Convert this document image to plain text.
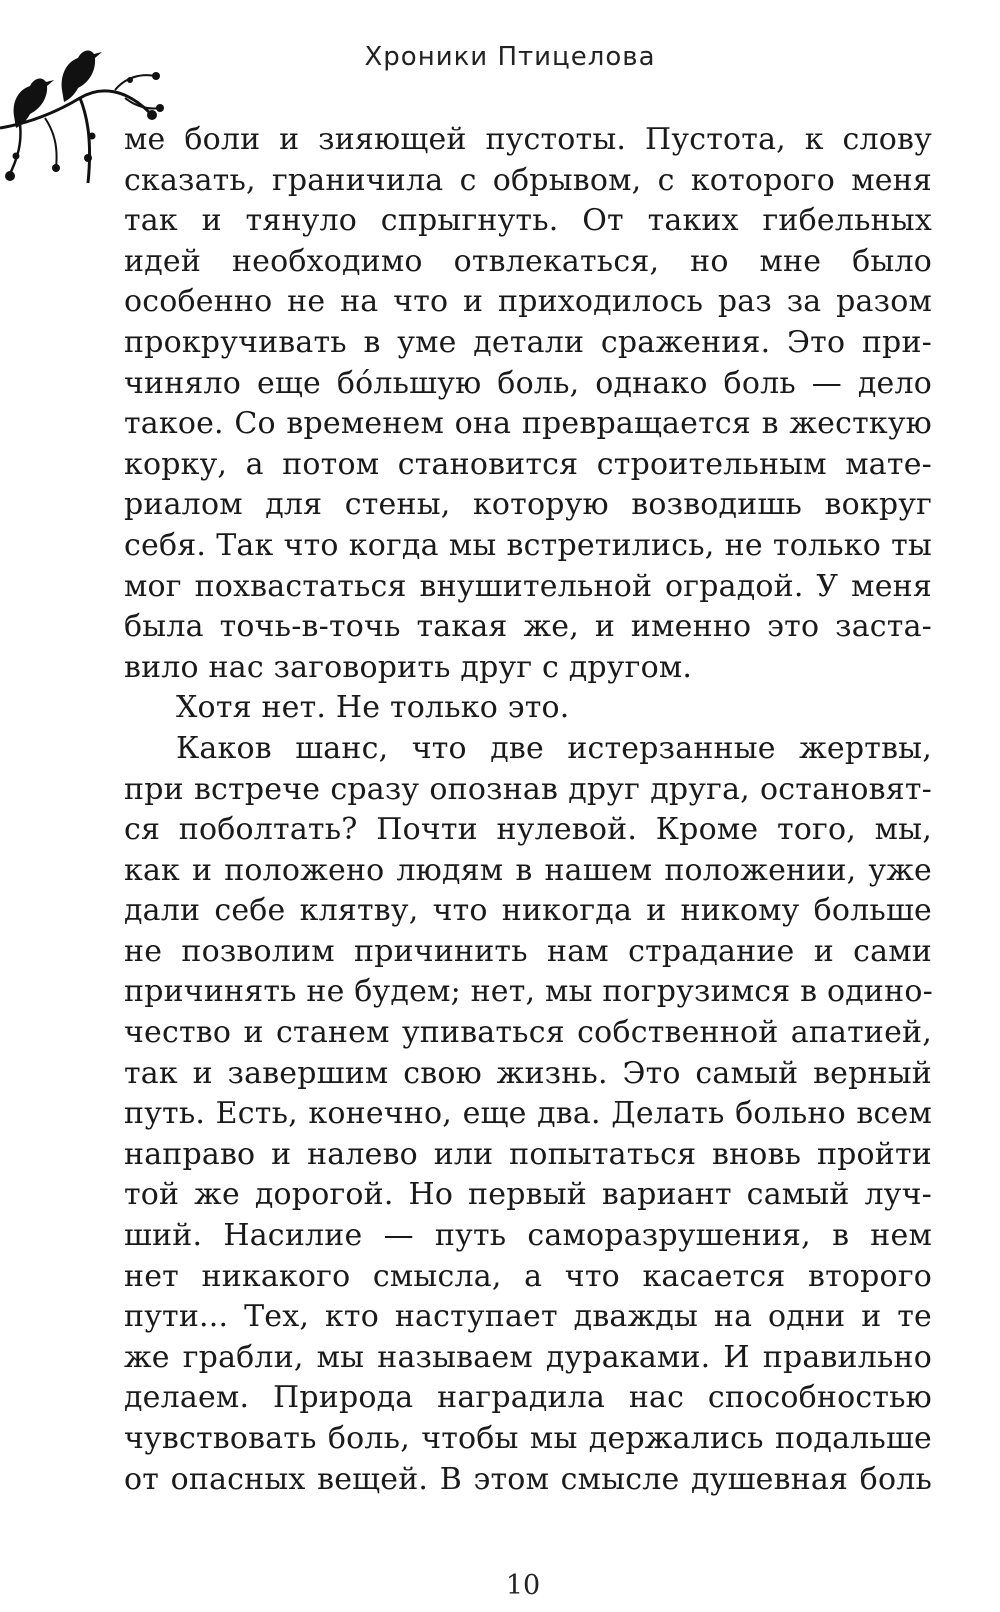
Хроники Птицелова
ме боли и зияющей пустоты. Пустота, к слову
сказать, граничила с обрывом, с которого меня
так и тянуло спрыгнуть. От таких гибельных
идей необходимо отвлекаться, но мне было
особенно не на что и приходилось раз за разом
прокручивать в уме детали сражения. Это при-
чиняло еще бóльшую боль, однако боль — дело
такое. Со временем она превращается в жесткую
корку, а потом становится строительным мате-
риалом для стены, которую возводишь вокруг
себя. Так что когда мы встретились, не только ты
мог похвастаться внушительной оградой. У меня
была точь-в-точь такая же, и именно это заста-
вило нас заговорить друг с другом.
Хотя нет. Не только это.
Каков шанс, что две истерзанные жертвы,
при встрече сразу опознав друг друга, остановят-
ся поболтать? Почти нулевой. Кроме того, мы,
как и положено людям в нашем положении, уже
дали себе клятву, что никогда и никому больше
не позволим причинить нам страдание и сами
причинять не будем; нет, мы погрузимся в одино-
чество и станем упиваться собственной апатией,
так и завершим свою жизнь. Это самый верный
путь. Есть, конечно, еще два. Делать больно всем
направо и налево или попытаться вновь пройти
той же дорогой. Но первый вариант самый луч-
ший. Насилие — путь саморазрушения, в нем
нет никакого смысла, а что касается второго
пути... Тех, кто наступает дважды на одни и те
же грабли, мы называем дураками. И правильно
делаем. Природа наградила нас способностью
чувствовать боль, чтобы мы держались подальше
от опасных вещей. В этом смысле душевная боль
10
